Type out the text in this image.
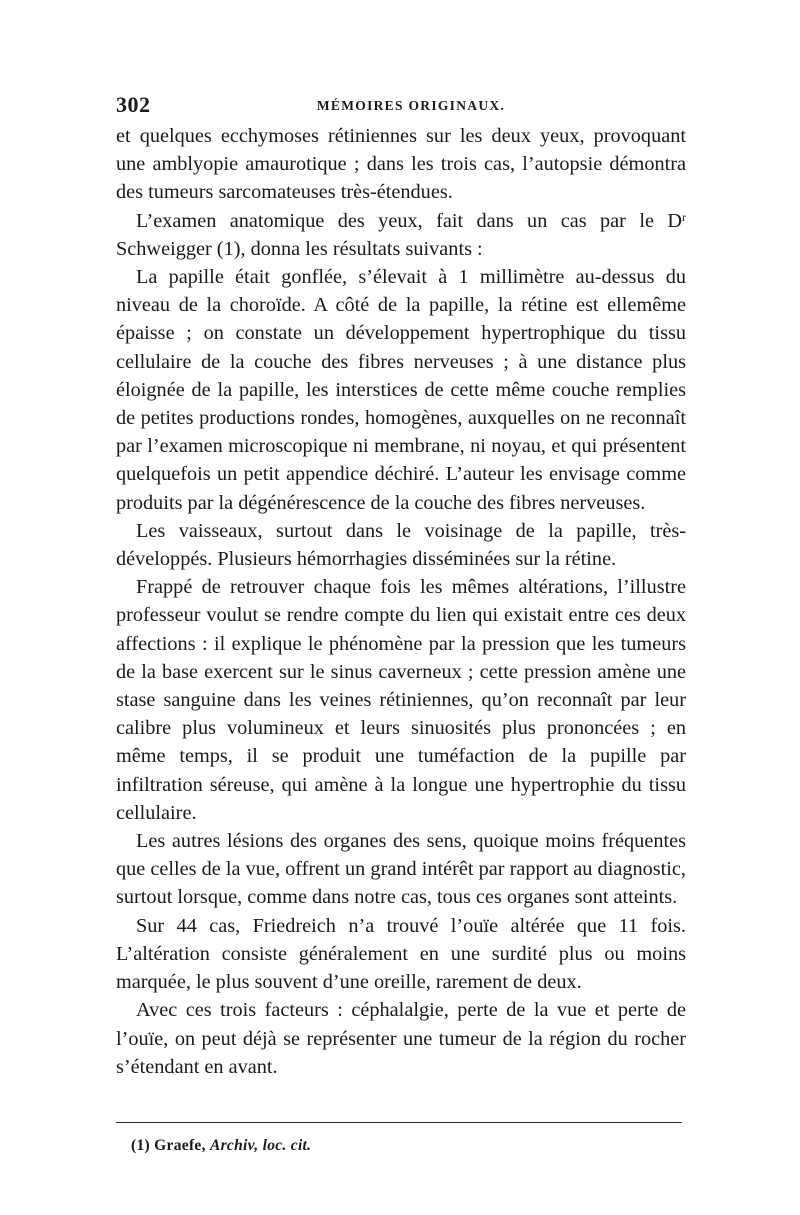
302	MÉMOIRES ORIGINAUX.

et quelques ecchymoses rétiniennes sur les deux yeux, provoquant une amblyopie amaurotique ; dans les trois cas, l’autopsie démontra des tumeurs sarcomateuses très-étendues.

L’examen anatomique des yeux, fait dans un cas par le $D^r$ Schweigger (1), donna les résultats suivants :

La papille était gonflée, s’élevait à 1 millimètre au-dessus du niveau de la choroïde. A côté de la papille, la rétine est ellemême épaisse ; on constate un développement hypertrophique du tissu cellulaire de la couche des fibres nerveuses ; à une distance plus éloignée de la papille, les interstices de cette même couche remplies de petites productions rondes, homogènes, auxquelles on ne reconnaît par l’examen microscopique ni membrane, ni noyau, et qui présentent quelquefois un petit appendice déchiré. L’auteur les envisage comme produits par la dégénérescence de la couche des fibres nerveuses.

Les vaisseaux, surtout dans le voisinage de la papille, très-développés. Plusieurs hémorrhagies disséminées sur la rétine.

Frappé de retrouver chaque fois les mêmes altérations, l’illustre professeur voulut se rendre compte du lien qui existait entre ces deux affections : il explique le phénomène par la pression que les tumeurs de la base exercent sur le sinus caverneux ; cette pression amène une stase sanguine dans les veines rétiniennes, qu’on reconnaît par leur calibre plus volumineux et leurs sinuosités plus prononcées ; en même temps, il se produit une tuméfaction de la pupille par infiltration séreuse, qui amène à la longue une hypertrophie du tissu cellulaire.

Les autres lésions des organes des sens, quoique moins fréquentes que celles de la vue, offrent un grand intérêt par rapport au diagnostic, surtout lorsque, comme dans notre cas, tous ces organes sont atteints.

Sur 44 cas, Friedreich n’a trouvé l’ouïe altérée que 11 fois. L’altération consiste généralement en une surdité plus ou moins marquée, le plus souvent d’une oreille, rarement de deux.

Avec ces trois facteurs : céphalalgie, perte de la vue et perte de l’ouïe, on peut déjà se représenter une tumeur de la région du rocher s’étendant en avant.

(1) Graefe, Archiv, loc. cit.
